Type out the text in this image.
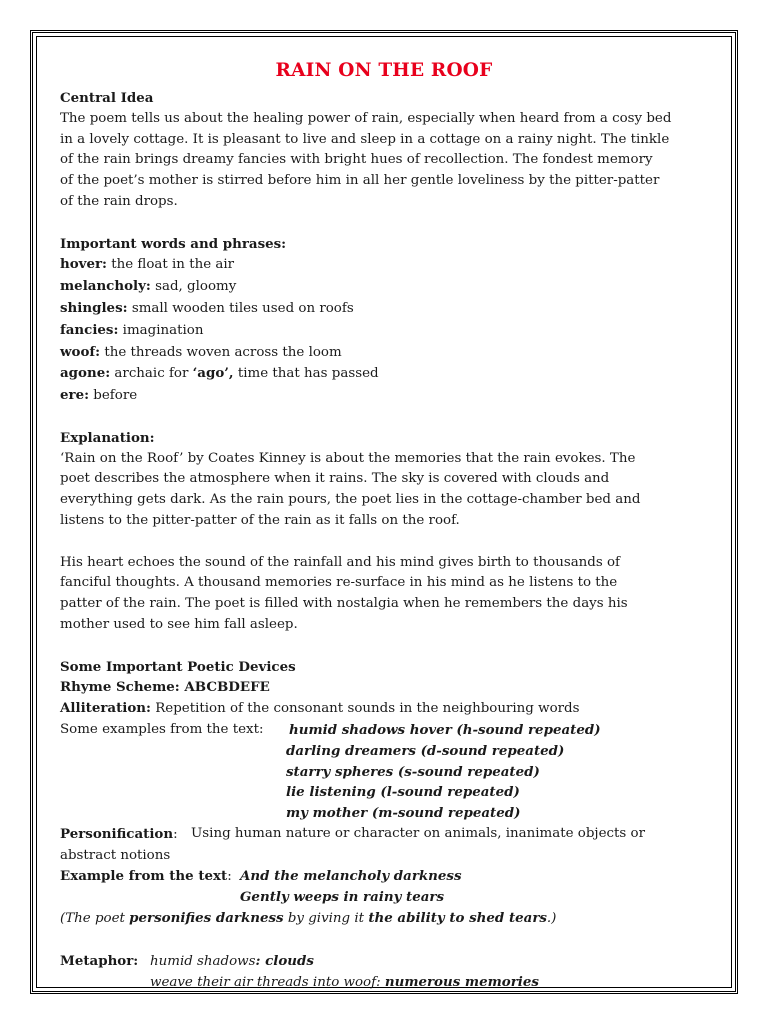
RAIN ON THE ROOF

Central Idea

The poem tells us about the healing power of rain, especially when heard from a cosy bed

in a lovely cottage. It is pleasant to live and sleep in a cottage on a rainy night. The tinkle

of the rain brings dreamy fancies with bright hues of recollection. The fondest memory

of the poet’s mother is stirred before him in all her gentle loveliness by the pitter-patter

of the rain drops.

Important words and phrases:

hover: the float in the air

melancholy: sad, gloomy

shingles: small wooden tiles used on roofs

fancies: imagination

woof: the threads woven across the loom

agone: archaic for ‘ago’, time that has passed

ere: before

Explanation:

‘Rain on the Roof’ by Coates Kinney is about the memories that the rain evokes. The

poet describes the atmosphere when it rains. The sky is covered with clouds and

everything gets dark. As the rain pours, the poet lies in the cottage-chamber bed and

listens to the pitter-patter of the rain as it falls on the roof.

His heart echoes the sound of the rainfall and his mind gives birth to thousands of

fanciful thoughts. A thousand memories re-surface in his mind as he listens to the

patter of the rain. The poet is filled with nostalgia when he remembers the days his

mother used to see him fall asleep.

Some Important Poetic Devices

Rhyme Scheme: ABCBDEFE

Alliteration: Repetition of the consonant sounds in the neighbouring words

Some examples from the text:	humid shadows hover (h-sound repeated)
darling dreamers (d-sound repeated)
starry spheres (s-sound repeated)
lie listening (l-sound repeated)
my mother (m-sound repeated)
Personification: Using human nature or character on animals, inanimate objects or

abstract notions

Example from the text: And the melancholy darkness
Gently weeps in rainy tears

(The poet personifies darkness by giving it the ability to shed tears.)

Metaphor: humid shadows: clouds
weave their air threads into woof: numerous memories
